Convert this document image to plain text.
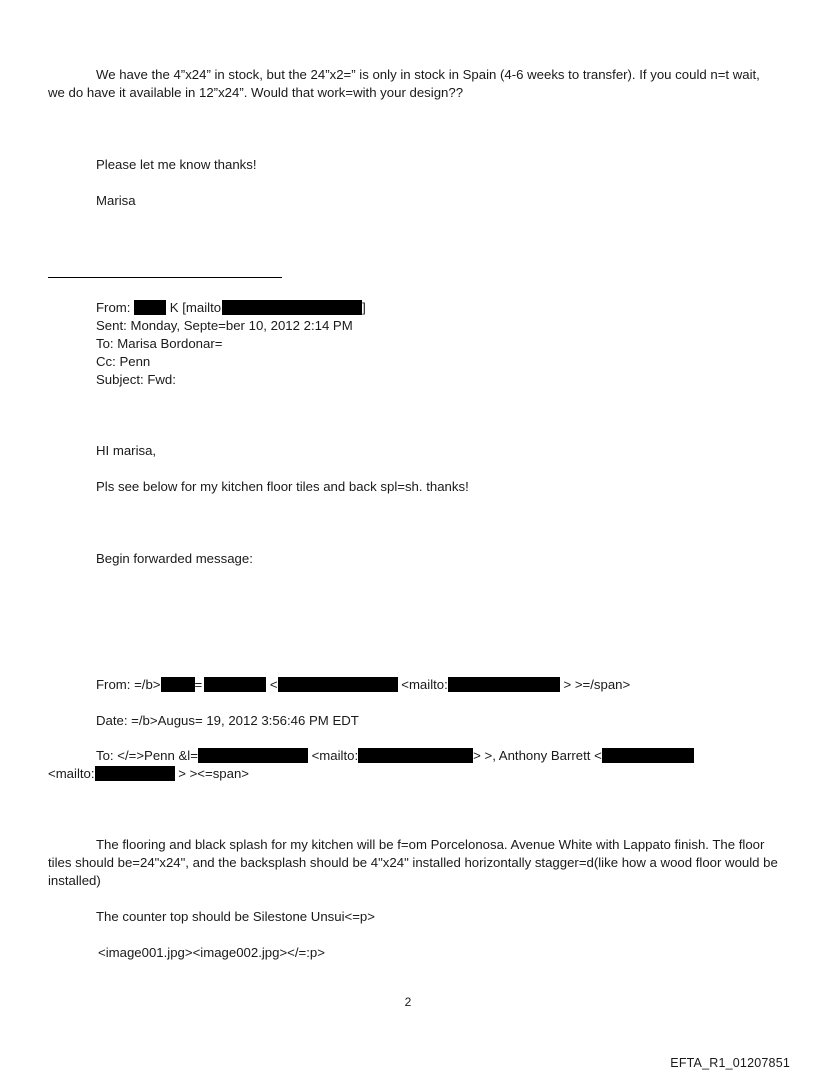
We have the 4”x24” in stock, but the 24”x2=” is only in stock in Spain (4-6 weeks to transfer). If you could n=t wait, we do have it available in 12”x24”. Would that work=with your design??
Please let me know thanks!
Marisa
From:	K [mailto	]
Sent: Monday, Septe=ber 10, 2012 2:14 PM
To: Marisa Bordonar=
Cc: Penn
Subject: Fwd:
HI marisa,
Pls see below for my kitchen floor tiles and back spl=sh. thanks!
Begin forwarded message:
From: =/b>	=	<	<mailto:	> >=/span>
Date: =/b>Augus= 19, 2012 3:56:46 PM EDT
To: </=>Penn &l=	<mailto:	> >, Anthony Barrett <
<mailto:	> ><=span>
The flooring and black splash for my kitchen will be f=om Porcelonosa. Avenue White with Lappato finish. The floor tiles should be=24"x24", and the backsplash should be 4"x24" installed horizontally stagger=d(like how a wood floor would be installed)
The counter top should be Silestone Unsui<=p>
<image001.jpg><image002.jpg></=:p>
2
EFTA_R1_01207851
